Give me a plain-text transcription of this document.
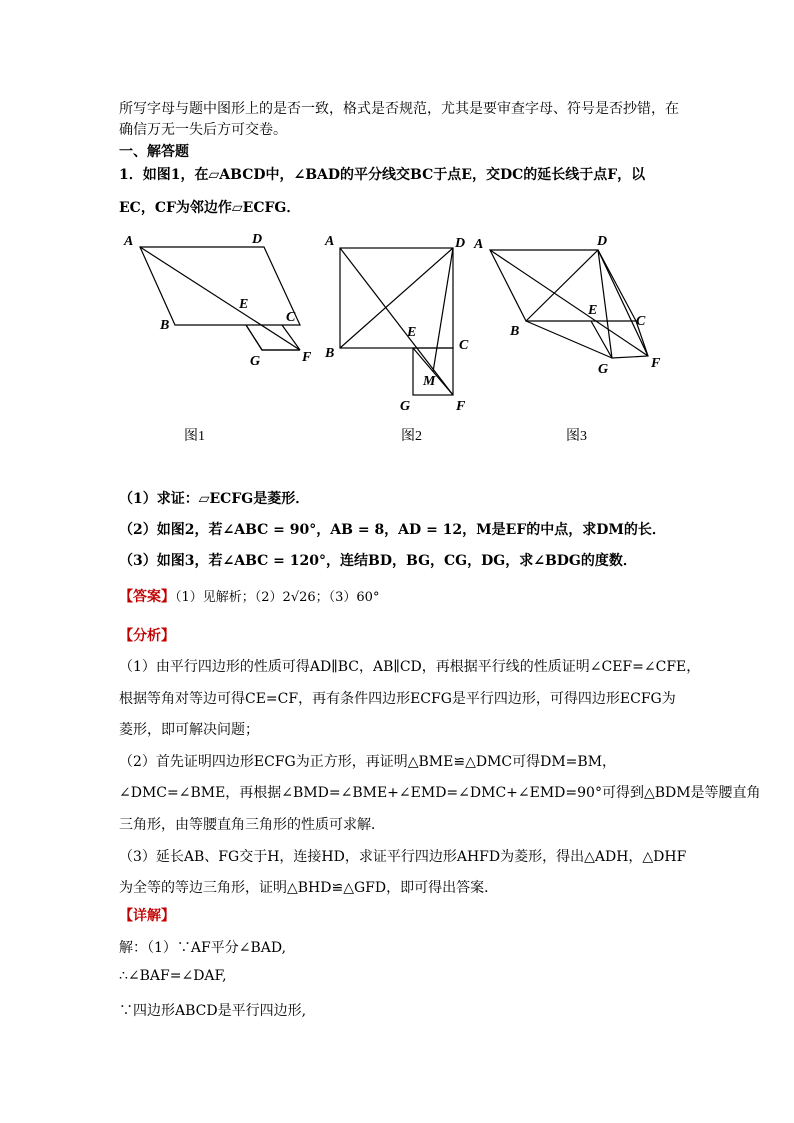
所写字母与题中图形上的是否一致，格式是否规范，尤其是要审查字母、符号是否抄错，在
确信万无一失后方可交卷。
一、解答题
1．如图1，在▱ABCD中，∠BAD的平分线交BC于点E，交DC的延长线于点F，以
EC，CF为邻边作▱ECFG．
A	D
B
E
C
G	F
A	D
B
E
C
M
G	F
A	D
B
E
C
G	F
图1	图2	图3
（1）求证：▱ECFG是菱形．
（2）如图2，若∠ABC = 90°，AB = 8，AD = 12，M是EF的中点，求DM的长．
（3）如图3，若∠ABC = 120°，连结BD，BG，CG，DG，求∠BDG的度数．
【答案】（1）见解析；（2）2√26；（3）60°
【分析】
（1）由平行四边形的性质可得AD∥BC，AB∥CD，再根据平行线的性质证明∠CEF=∠CFE，
根据等角对等边可得CE=CF，再有条件四边形ECFG是平行四边形，可得四边形ECFG为
菱形，即可解决问题；
（2）首先证明四边形ECFG为正方形，再证明△BME≌△DMC可得DM=BM，
∠DMC=∠BME，再根据∠BMD=∠BME+∠EMD=∠DMC+∠EMD=90°可得到△BDM是等腰直角
三角形，由等腰直角三角形的性质可求解．
（3）延长AB、FG交于H，连接HD，求证平行四边形AHFD为菱形，得出△ADH，△DHF
为全等的等边三角形，证明△BHD≌△GFD，即可得出答案．
【详解】
解：（1）∵AF平分∠BAD,
∴∠BAF=∠DAF,
∵四边形ABCD是平行四边形,
